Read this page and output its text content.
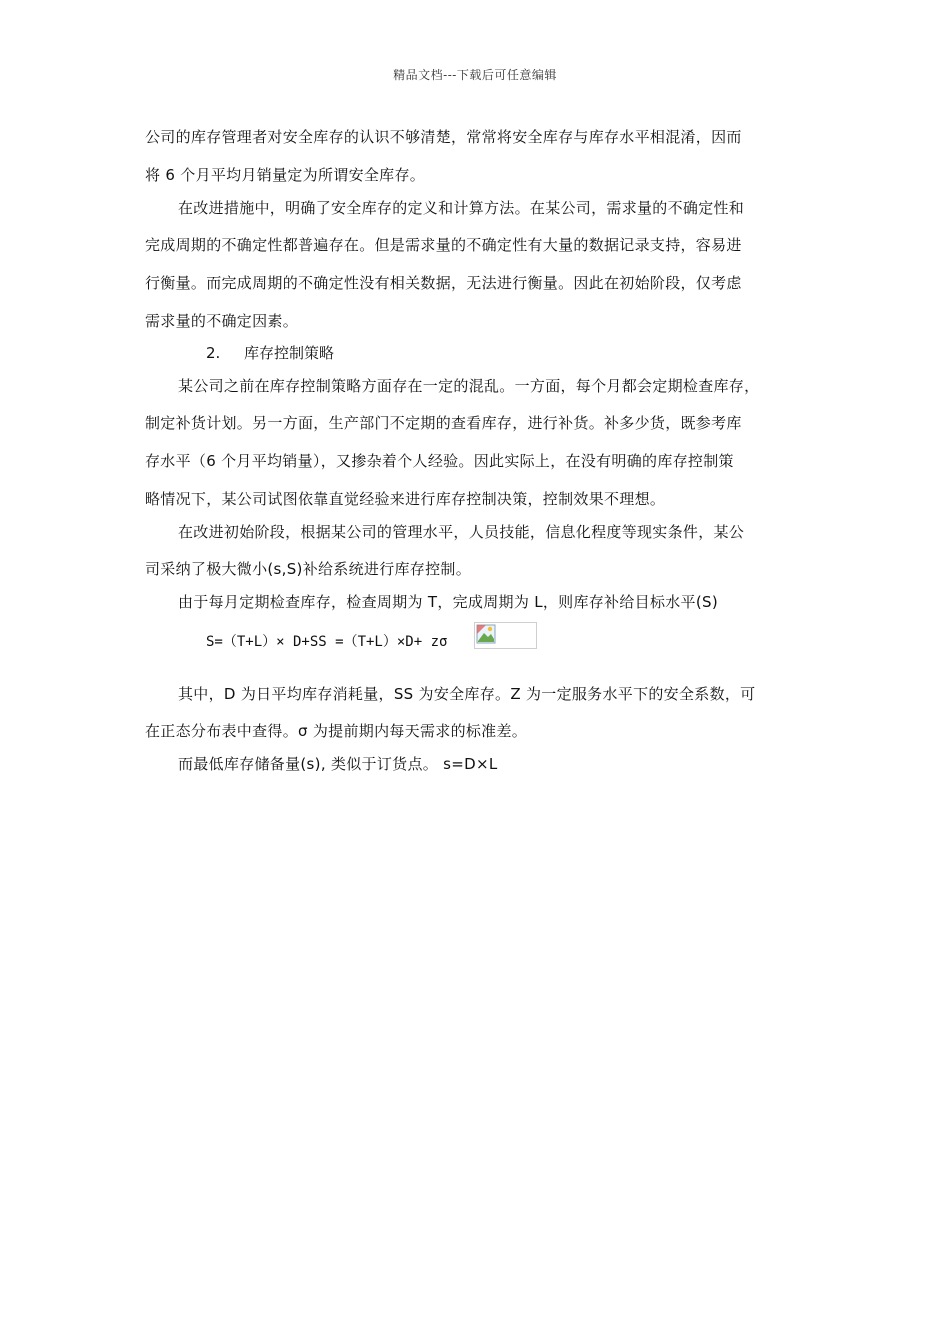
精品文档---下载后可任意编辑
公司的库存管理者对安全库存的认识不够清楚，常常将安全库存与库存水平相混淆，因而
将 6 个月平均月销量定为所谓安全库存。
在改进措施中，明确了安全库存的定义和计算方法。在某公司，需求量的不确定性和
完成周期的不确定性都普遍存在。但是需求量的不确定性有大量的数据记录支持，容易进
行衡量。而完成周期的不确定性没有相关数据，无法进行衡量。因此在初始阶段，仅考虑
需求量的不确定因素。
2. 库存控制策略
某公司之前在库存控制策略方面存在一定的混乱。一方面，每个月都会定期检查库存，
制定补货计划。另一方面，生产部门不定期的查看库存，进行补货。补多少货，既参考库
存水平（6 个月平均销量），又掺杂着个人经验。因此实际上，在没有明确的库存控制策
略情况下，某公司试图依靠直觉经验来进行库存控制决策，控制效果不理想。
在改进初始阶段，根据某公司的管理水平，人员技能，信息化程度等现实条件，某公
司采纳了极大微小(s,S)补给系统进行库存控制。
由于每月定期检查库存，检查周期为 T，完成周期为 L，则库存补给目标水平(S)
S=（T+L）× D+SS =（T+L）×D+ zσ
其中，D 为日平均库存消耗量，SS 为安全库存。Z 为一定服务水平下的安全系数，可
在正态分布表中查得。σ 为提前期内每天需求的标准差。
而最低库存储备量(s), 类似于订货点。 s=D×L
